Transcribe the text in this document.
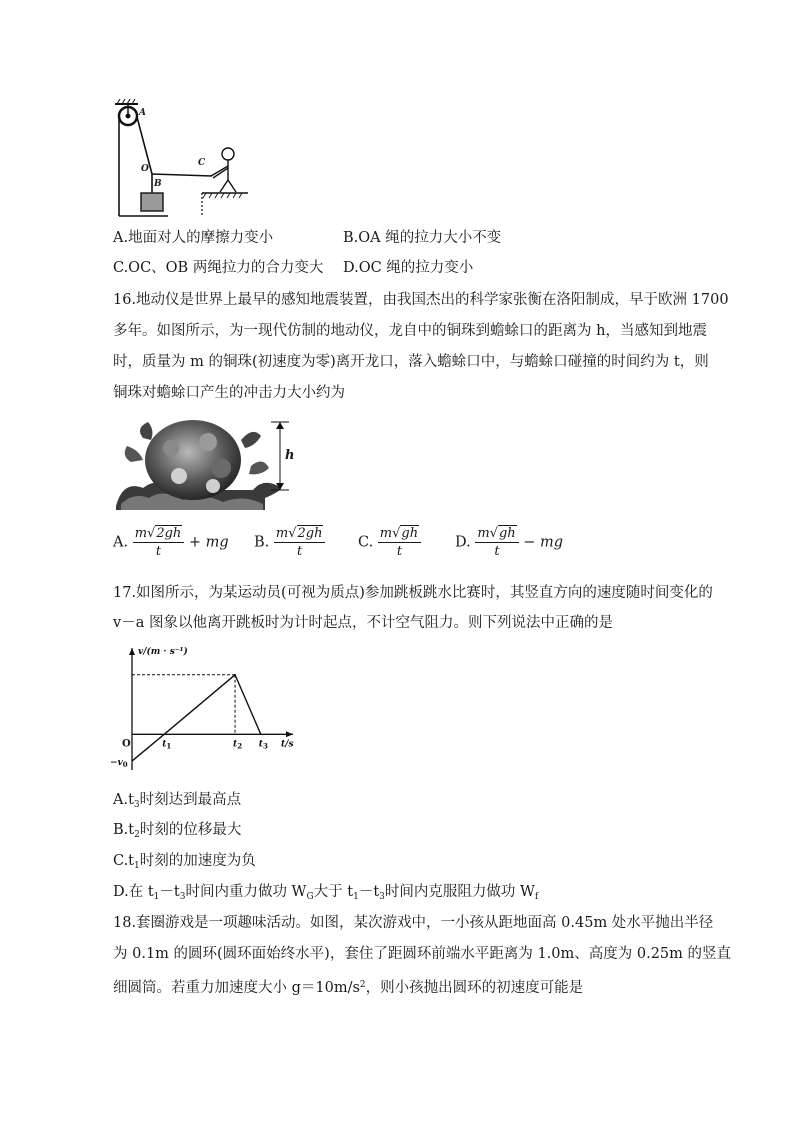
A
O
B
C
A.地面对人的摩擦力变小	B.OA 绳的拉力大小不变
C.OC、OB 两绳拉力的合力变大 D.OC 绳的拉力变小
16.地动仪是世界上最早的感知地震装置，由我国杰出的科学家张衡在洛阳制成，早于欧洲 1700
多年。如图所示，为一现代仿制的地动仪，龙自中的铜珠到蟾蜍口的距离为 h，当感知到地震
时，质量为 m 的铜珠(初速度为零)离开龙口，落入蟾蜍口中，与蟾蜍口碰撞的时间约为 t，则
铜珠对蟾蜍口产生的冲击力大小约为
h
A. $\frac{m√2gh}{t}$ + mg B. $\frac{m√2gh}{t} C$. $\frac{m√gh}{t} D$. $\frac{m√gh}{t}$ − mg
17.如图所示，为某运动员(可视为质点)参加跳板跳水比赛时，其竖直方向的速度随时间变化的
v－a 图象以他离开跳板时为计时起点，不计空气阻力。则下列说法中正确的是
v/(m · s⁻¹)
t/s
O
$-v_0$
$t_1$	$t_2$ $t_3$
$A.t_3$时刻达到最高点
$B.t_2$时刻的位移最大
$C.t_1$时刻的加速度为负
D.在 $t_1-t_3$时间内重力做功 $W_G$大于 $t_1-t_3$时间内克服阻力做功 $W_f$
18.套圈游戏是一项趣味活动。如图，某次游戏中，一小孩从距地面高 0.45m 处水平抛出半径
为 0.1m 的圆环(圆环面始终水平)，套住了距圆环前端水平距离为 1.0m、高度为 0.25m 的竖直
细圆筒。若重力加速度大小 $g=10m/s^2$，则小孩抛出圆环的初速度可能是
